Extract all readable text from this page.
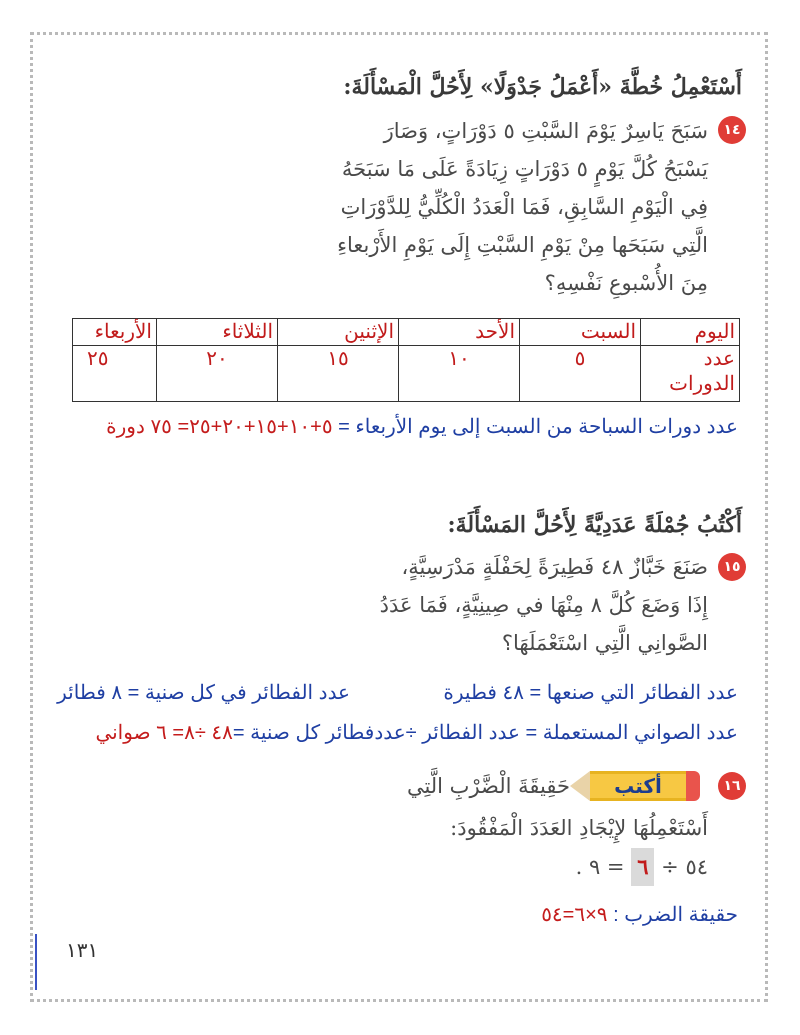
أَسْتَعْمِلُ خُطَّةَ «أَعْمَلُ جَدْوَلًا» لِأَحُلَّ الْمَسْأَلَةَ:
١٤
سَبَحَ يَاسِرٌ يَوْمَ السَّبْتِ ٥ دَوْرَاتٍ، وَصَارَ
يَسْبَحُ كُلَّ يَوْمٍ ٥ دَوْرَاتٍ زِيَادَةً عَلَى مَا سَبَحَهُ
فِي الْيَوْمِ السَّابِقِ، فَمَا الْعَدَدُ الْكُلِّيُّ لِلدَّوْرَاتِ
الَّتِي سَبَحَها مِنْ يَوْمِ السَّبْتِ إِلَى يَوْمِ الأَرْبعاءِ
مِنَ الأُسْبوعِ نَفْسِهِ؟
اليوم	السبت	الأحد	الإثنين	الثلاثاء	الأربعاء
عدد الدورات	٥	١٠	١٥	٢٠	٢٥
عدد دورات السباحة من السبت إلى يوم الأربعاء = ٥+١٠+١٥+٢٠+٢٥= ٧٥ دورة
أَكْتُبُ جُمْلَةً عَدَدِيَّةً لِأَحُلَّ المَسْأَلَةَ:
١٥
صَنَعَ خَبَّازٌ ٤٨ فَطِيرَةً لِحَفْلَةٍ مَدْرَسِيَّةٍ،
إِذَا وَضَعَ كُلَّ ٨ مِنْهَا في صِينِيَّةٍ، فَمَا عَدَدُ
الصَّوانِي الَّتِي اسْتَعْمَلَهَا؟
عدد الفطائر التي صنعها = ٤٨ فطيرة
عدد الفطائر في كل صنية = ٨ فطائر
عدد الصواني المستعملة = عدد الفطائر ÷عددفطائر كل صنية =٤٨ ÷٨= ٦ صواني
١٦
أكتب
حَقِيقَةَ الْضَّرْبِ الَّتِي
أَسْتَعْمِلُهَا لإِيْجَادِ العَدَدَ الْمَفْقُودَ:
٥٤ ÷ ٦ = ٩ .
حقيقة الضرب : ٩×٦=٥٤
١٣١
